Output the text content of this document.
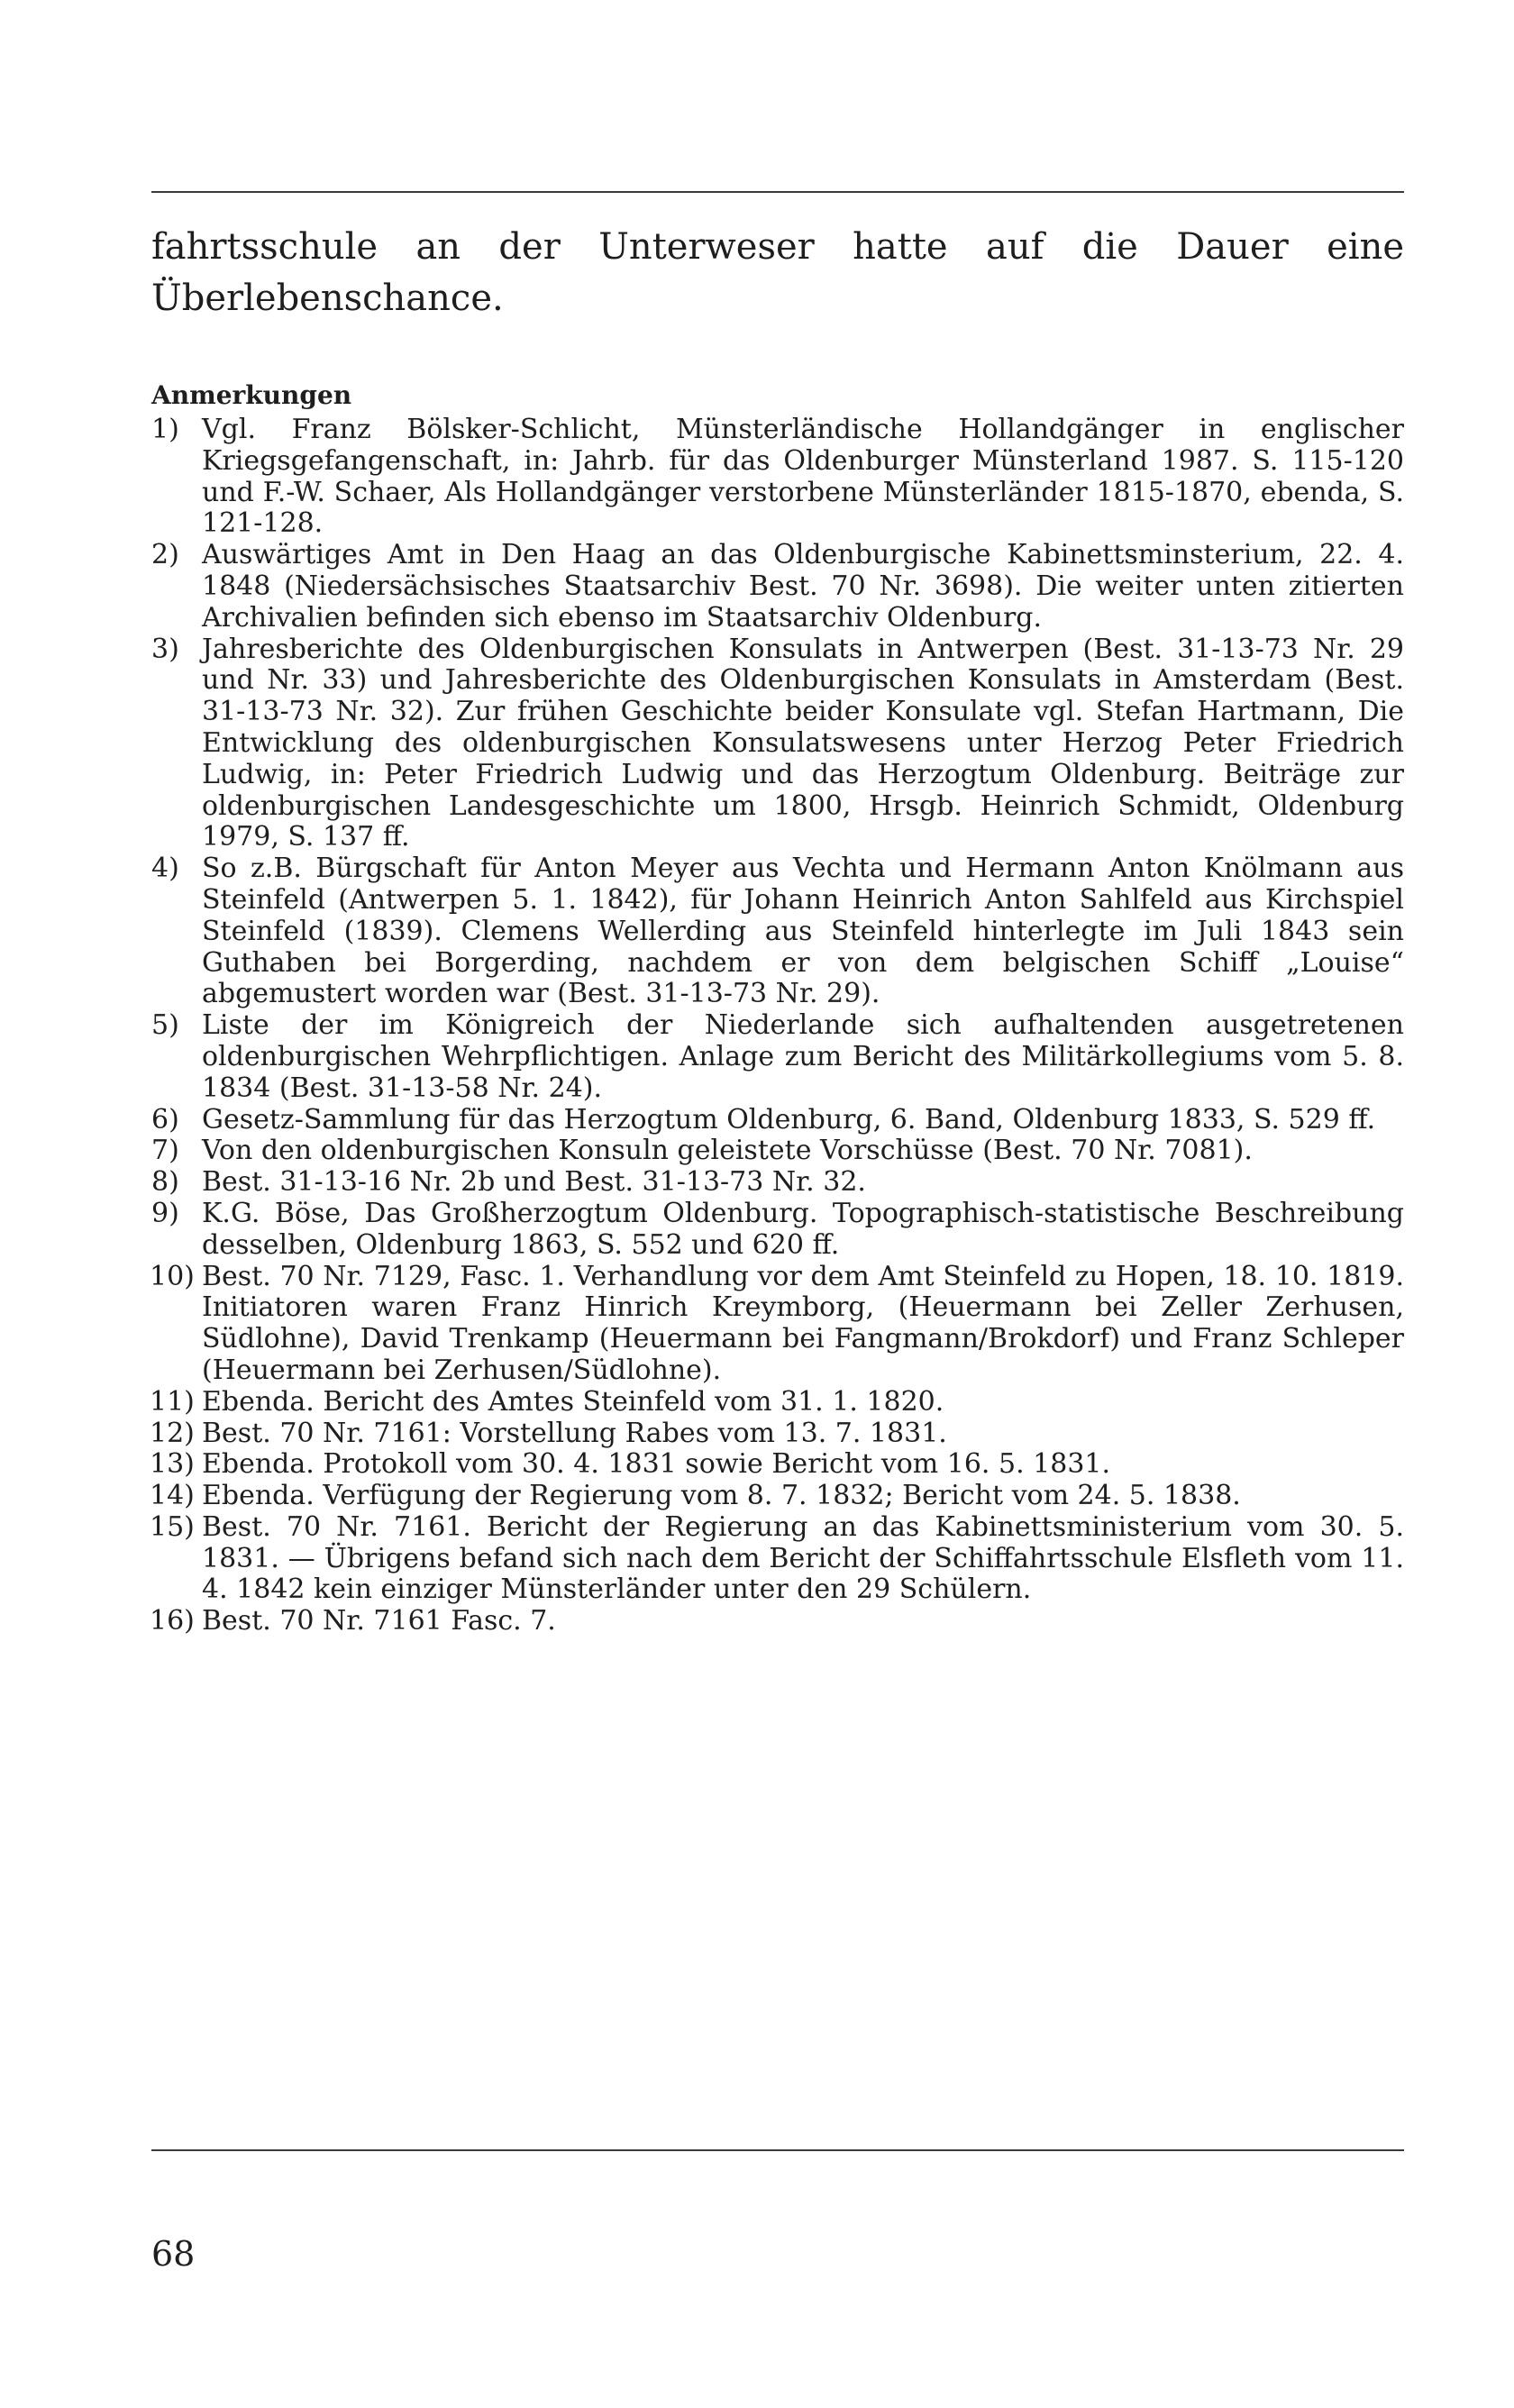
fahrtsschule an der Unterweser hatte auf die Dauer eine Überlebenschance.

Anmerkungen
1) Vgl. Franz Bölsker-Schlicht, Münsterländische Hollandgänger in englischer Kriegsgefangenschaft, in: Jahrb. für das Oldenburger Münsterland 1987. S. 115-120 und F.-W. Schaer, Als Hollandgänger verstorbene Münsterländer 1815-1870, ebenda, S. 121-128.
2) Auswärtiges Amt in Den Haag an das Oldenburgische Kabinettsminsterium, 22. 4. 1848 (Niedersächsisches Staatsarchiv Best. 70 Nr. 3698). Die weiter unten zitierten Archivalien befinden sich ebenso im Staatsarchiv Oldenburg.
3) Jahresberichte des Oldenburgischen Konsulats in Antwerpen (Best. 31-13-73 Nr. 29 und Nr. 33) und Jahresberichte des Oldenburgischen Konsulats in Amsterdam (Best. 31-13-73 Nr. 32). Zur frühen Geschichte beider Konsulate vgl. Stefan Hartmann, Die Entwicklung des oldenburgischen Konsulatswesens unter Herzog Peter Friedrich Ludwig, in: Peter Friedrich Ludwig und das Herzogtum Oldenburg. Beiträge zur oldenburgischen Landesgeschichte um 1800, Hrsgb. Heinrich Schmidt, Oldenburg 1979, S. 137 ff.
4) So z.B. Bürgschaft für Anton Meyer aus Vechta und Hermann Anton Knölmann aus Steinfeld (Antwerpen 5. 1. 1842), für Johann Heinrich Anton Sahlfeld aus Kirchspiel Steinfeld (1839). Clemens Wellerding aus Steinfeld hinterlegte im Juli 1843 sein Guthaben bei Borgerding, nachdem er von dem belgischen Schiff „Louise“ abgemustert worden war (Best. 31-13-73 Nr. 29).
5) Liste der im Königreich der Niederlande sich aufhaltenden ausgetretenen oldenburgischen Wehrpflichtigen. Anlage zum Bericht des Militärkollegiums vom 5. 8. 1834 (Best. 31-13-58 Nr. 24).
6) Gesetz-Sammlung für das Herzogtum Oldenburg, 6. Band, Oldenburg 1833, S. 529 ff.
7) Von den oldenburgischen Konsuln geleistete Vorschüsse (Best. 70 Nr. 7081).
8) Best. 31-13-16 Nr. 2b und Best. 31-13-73 Nr. 32.
9) K.G. Böse, Das Großherzogtum Oldenburg. Topographisch-statistische Beschreibung desselben, Oldenburg 1863, S. 552 und 620 ff.
10) Best. 70 Nr. 7129, Fasc. 1. Verhandlung vor dem Amt Steinfeld zu Hopen, 18. 10. 1819. Initiatoren waren Franz Hinrich Kreymborg, (Heuermann bei Zeller Zerhusen, Südlohne), David Trenkamp (Heuermann bei Fangmann/Brokdorf) und Franz Schleper (Heuermann bei Zerhusen/Südlohne).
11) Ebenda. Bericht des Amtes Steinfeld vom 31. 1. 1820.
12) Best. 70 Nr. 7161: Vorstellung Rabes vom 13. 7. 1831.
13) Ebenda. Protokoll vom 30. 4. 1831 sowie Bericht vom 16. 5. 1831.
14) Ebenda. Verfügung der Regierung vom 8. 7. 1832; Bericht vom 24. 5. 1838.
15) Best. 70 Nr. 7161. Bericht der Regierung an das Kabinettsministerium vom 30. 5. 1831. — Übrigens befand sich nach dem Bericht der Schiffahrtsschule Elsfleth vom 11. 4. 1842 kein einziger Münsterländer unter den 29 Schülern.
16) Best. 70 Nr. 7161 Fasc. 7.

68
